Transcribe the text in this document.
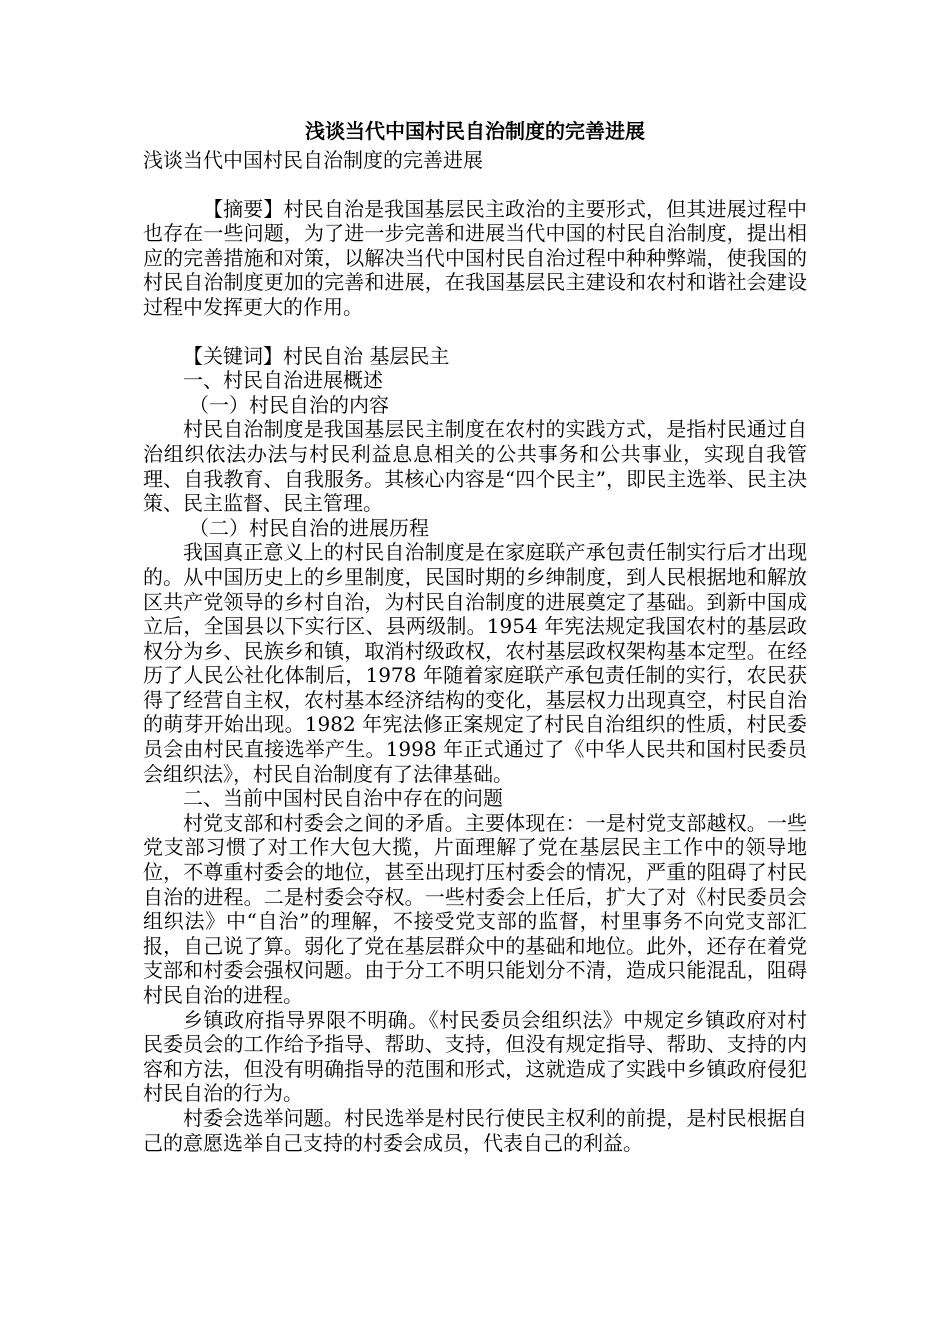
浅谈当代中国村民自治制度的完善进展

浅谈当代中国村民自治制度的完善进展

【摘要】村民自治是我国基层民主政治的主要形式，但其进展过程中也存在一些问题，为了进一步完善和进展当代中国的村民自治制度，提出相应的完善措施和对策，以解决当代中国村民自治过程中种种弊端，使我国的村民自治制度更加的完善和进展，在我国基层民主建设和农村和谐社会建设过程中发挥更大的作用。

【关键词】村民自治 基层民主

一、村民自治进展概述

（一）村民自治的内容

村民自治制度是我国基层民主制度在农村的实践方式，是指村民通过自治组织依法办法与村民利益息息相关的公共事务和公共事业，实现自我管理、自我教育、自我服务。其核心内容是“四个民主”，即民主选举、民主决策、民主监督、民主管理。

（二）村民自治的进展历程

我国真正意义上的村民自治制度是在家庭联产承包责任制实行后才出现的。从中国历史上的乡里制度，民国时期的乡绅制度，到人民根据地和解放区共产党领导的乡村自治，为村民自治制度的进展奠定了基础。到新中国成立后，全国县以下实行区、县两级制。1954 年宪法规定我国农村的基层政权分为乡、民族乡和镇，取消村级政权，农村基层政权架构基本定型。在经历了人民公社化体制后，1978 年随着家庭联产承包责任制的实行，农民获得了经营自主权，农村基本经济结构的变化，基层权力出现真空，村民自治的萌芽开始出现。1982 年宪法修正案规定了村民自治组织的性质，村民委员会由村民直接选举产生。1998 年正式通过了《中华人民共和国村民委员会组织法》，村民自治制度有了法律基础。

二、当前中国村民自治中存在的问题

村党支部和村委会之间的矛盾。主要体现在：一是村党支部越权。一些党支部习惯了对工作大包大揽，片面理解了党在基层民主工作中的领导地位，不尊重村委会的地位，甚至出现打压村委会的情况，严重的阻碍了村民自治的进程。二是村委会夺权。一些村委会上任后，扩大了对《村民委员会组织法》中“自治”的理解，不接受党支部的监督，村里事务不向党支部汇报，自己说了算。弱化了党在基层群众中的基础和地位。此外，还存在着党支部和村委会强权问题。由于分工不明只能划分不清，造成只能混乱，阻碍村民自治的进程。

乡镇政府指导界限不明确。《村民委员会组织法》中规定乡镇政府对村民委员会的工作给予指导、帮助、支持，但没有规定指导、帮助、支持的内容和方法，但没有明确指导的范围和形式，这就造成了实践中乡镇政府侵犯村民自治的行为。

村委会选举问题。村民选举是村民行使民主权利的前提，是村民根据自己的意愿选举自己支持的村委会成员，代表自己的利益。
